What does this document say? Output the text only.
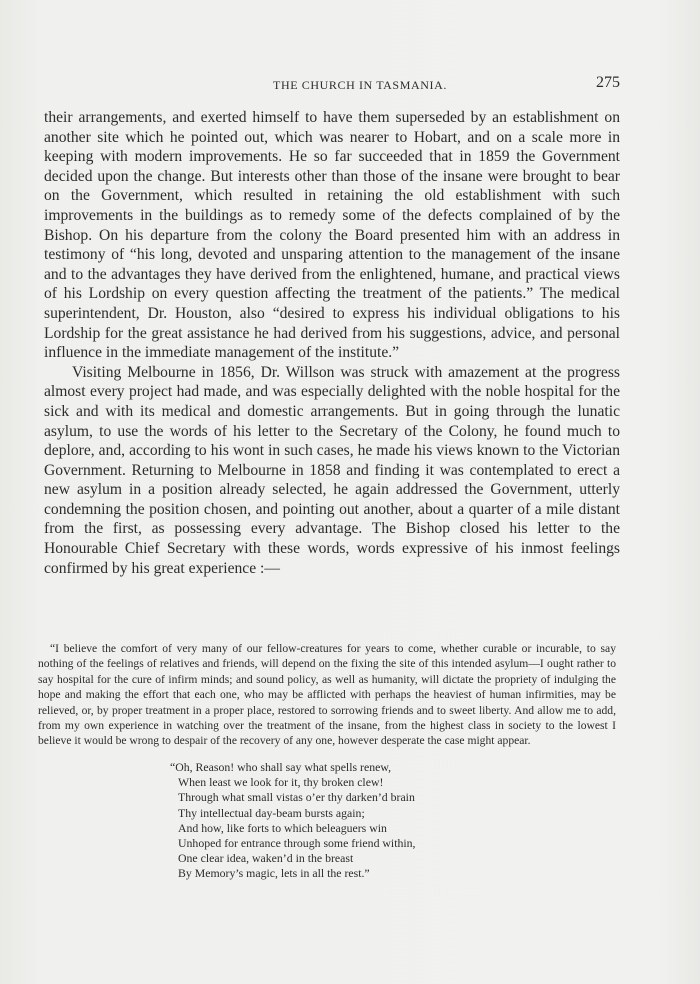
THE CHURCH IN TASMANIA.	275

their arrangements, and exerted himself to have them superseded by an establishment on another site which he pointed out, which was nearer to Hobart, and on a scale more in keeping with modern improvements. He so far succeeded that in 1859 the Government decided upon the change. But interests other than those of the insane were brought to bear on the Government, which resulted in retaining the old establishment with such improvements in the buildings as to remedy some of the defects complained of by the Bishop. On his departure from the colony the Board presented him with an address in testimony of “his long, devoted and unsparing attention to the management of the insane and to the advantages they have derived from the enlightened, humane, and practical views of his Lordship on every question affecting the treatment of the patients.” The medical superintendent, Dr. Houston, also “desired to express his individual obligations to his Lordship for the great assistance he had derived from his suggestions, advice, and personal influence in the immediate management of the institute.”

Visiting Melbourne in 1856, Dr. Willson was struck with amazement at the progress almost every project had made, and was especially delighted with the noble hospital for the sick and with its medical and domestic arrangements. But in going through the lunatic asylum, to use the words of his letter to the Secretary of the Colony, he found much to deplore, and, according to his wont in such cases, he made his views known to the Victorian Government. Returning to Melbourne in 1858 and finding it was contemplated to erect a new asylum in a position already selected, he again addressed the Government, utterly condemning the position chosen, and pointing out another, about a quarter of a mile distant from the first, as possessing every advantage. The Bishop closed his letter to the Honourable Chief Secretary with these words, words expressive of his inmost feelings confirmed by his great experience :—

“I believe the comfort of very many of our fellow-creatures for years to come, whether curable or incurable, to say nothing of the feelings of relatives and friends, will depend on the fixing the site of this intended asylum—I ought rather to say hospital for the cure of infirm minds; and sound policy, as well as humanity, will dictate the propriety of indulging the hope and making the effort that each one, who may be afflicted with perhaps the heaviest of human infirmities, may be relieved, or, by proper treatment in a proper place, restored to sorrowing friends and to sweet liberty. And allow me to add, from my own experience in watching over the treatment of the insane, from the highest class in society to the lowest I believe it would be wrong to despair of the recovery of any one, however desperate the case might appear.

“Oh, Reason! who shall say what spells renew,
When least we look for it, thy broken clew!
Through what small vistas o’er thy darken’d brain
Thy intellectual day-beam bursts again;
And how, like forts to which beleaguers win
Unhoped for entrance through some friend within,
One clear idea, waken’d in the breast
By Memory’s magic, lets in all the rest.”
